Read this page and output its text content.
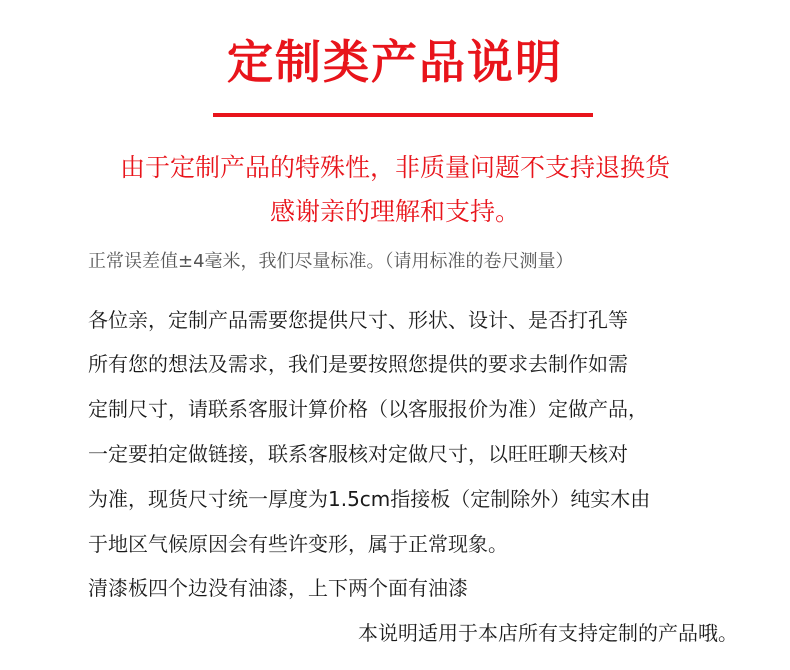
定制类产品说明
由于定制产品的特殊性，非质量问题不支持退换货
感谢亲的理解和支持。
正常误差值±4毫米，我们尽量标准。（请用标准的卷尺测量）
各位亲，定制产品需要您提供尺寸、形状、设计、是否打孔等
所有您的想法及需求，我们是要按照您提供的要求去制作如需
定制尺寸，请联系客服计算价格（以客服报价为准）定做产品，
一定要拍定做链接，联系客服核对定做尺寸，以旺旺聊天核对
为准，现货尺寸统一厚度为1.5cm指接板（定制除外）纯实木由
于地区气候原因会有些许变形，属于正常现象。
清漆板四个边没有油漆，上下两个面有油漆
本说明适用于本店所有支持定制的产品哦。
